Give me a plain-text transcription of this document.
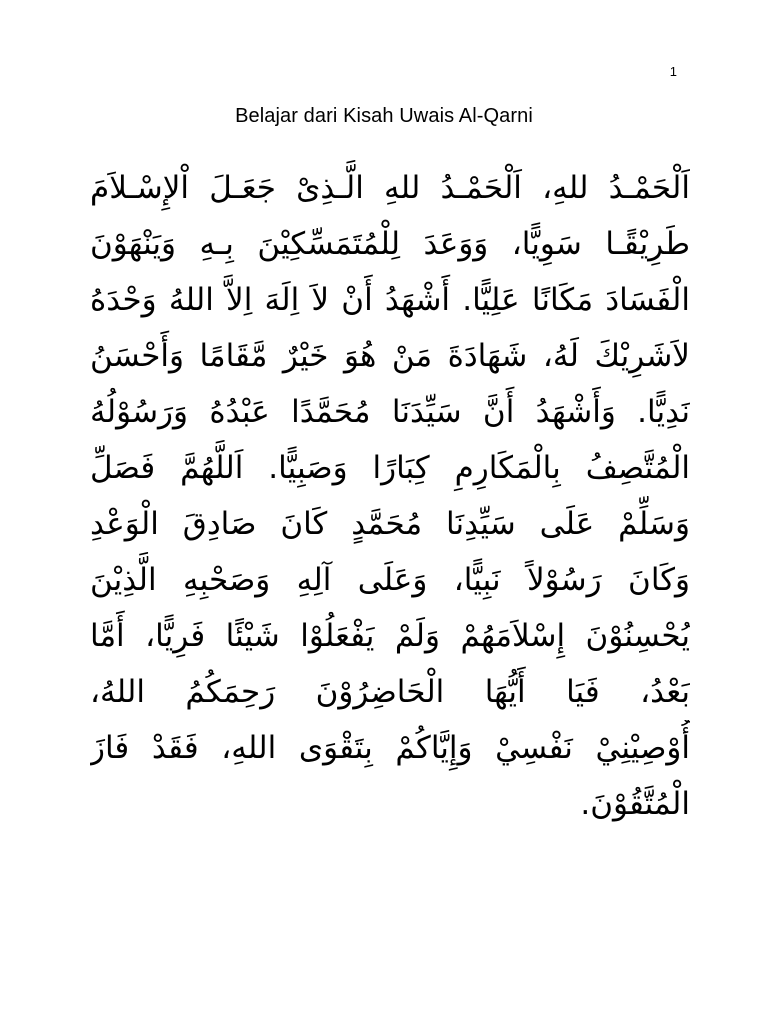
1
Belajar dari Kisah Uwais Al-Qarni
اَلْحَمْـدُ للهِ، اَلْحَمْـدُ للهِ الَّـذِىْ جَعَـلَ اْلإِسْـلاَمَ
طَرِيْقًـا سَوِيًّا، وَوَعَدَ لِلْمُتَمَسِّكِيْنَ بِـهِ وَيَنْهَوْنَ
الْفَسَادَ مَكَانًا عَلِيًّا. أَشْهَدُ أَنْ لاَ اِلَهَ اِلاَّ اللهُ وَحْدَهُ
لاَشَرِيْكَ لَهُ، شَهَادَةَ مَنْ هُوَ خَيْرٌ مَّقَامًا وَأَحْسَنُ
نَدِيًّا. وَأَشْهَدُ أَنَّ سَيِّدَنَا مُحَمَّدًا عَبْدُهُ وَرَسُوْلُهُ
الْمُتَّصِفُ بِالْمَكَارِمِ كِبَارًا وَصَبِيًّا. اَللَّهُمَّ فَصَلِّ
وَسَلِّمْ عَلَى سَيِّدِنَا مُحَمَّدٍ كَانَ صَادِقَ الْوَعْدِ
وَكَانَ رَسُوْلاً نَبِيًّا، وَعَلَى آلِهِ وَصَحْبِهِ الَّذِيْنَ
يُحْسِنُوْنَ إِسْلاَمَهُمْ وَلَمْ يَفْعَلُوْا شَيْئًا فَرِيًّا، أَمَّا
بَعْدُ، فَيَا أَيُّهَا الْحَاضِرُوْنَ رَحِمَكُمُ اللهُ،
أُوْصِيْنِيْ نَفْسِيْ وَإِيَّاكُمْ بِتَقْوَى اللهِ، فَقَدْ فَازَ
الْمُتَّقُوْنَ.
